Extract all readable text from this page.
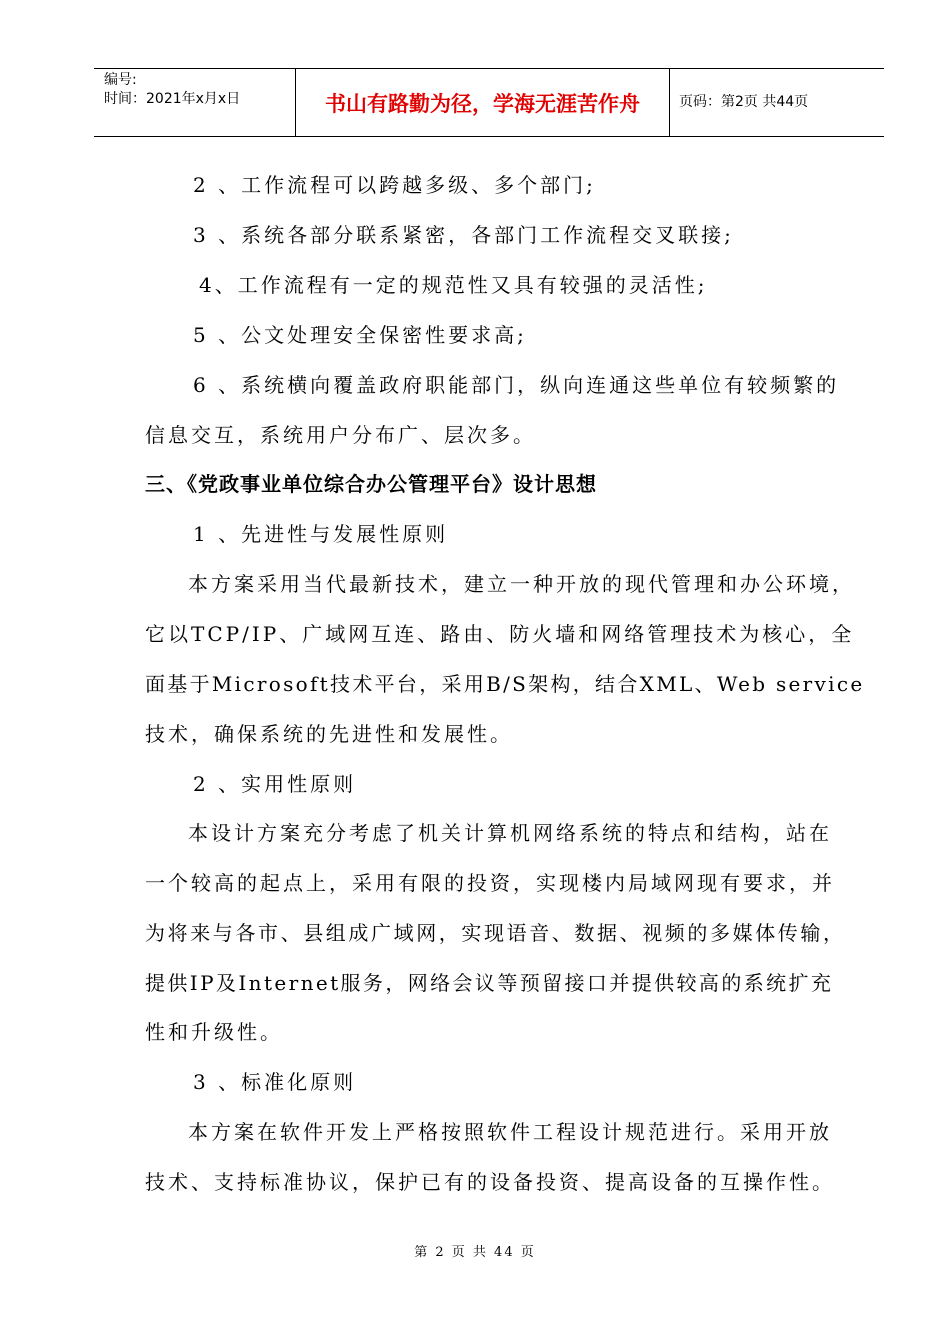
编号:
时间：2021年x月x日	书山有路勤为径，学海无涯苦作舟	页码：第2页 共44页
2 、工作流程可以跨越多级、多个部门;
3 、系统各部分联系紧密，各部门工作流程交叉联接;
4、工作流程有一定的规范性又具有较强的灵活性;
5 、公文处理安全保密性要求高;
6 、系统横向覆盖政府职能部门，纵向连通这些单位有较频繁的
信息交互，系统用户分布广、层次多。
三、《党政事业单位综合办公管理平台》设计思想
1 、先进性与发展性原则
本方案采用当代最新技术，建立一种开放的现代管理和办公环境，
它以TCP/IP、广域网互连、路由、防火墙和网络管理技术为核心，全
面基于Microsoft技术平台，采用B/S架构，结合XML、Web service
技术，确保系统的先进性和发展性。
2 、实用性原则
本设计方案充分考虑了机关计算机网络系统的特点和结构，站在
一个较高的起点上，采用有限的投资，实现楼内局域网现有要求，并
为将来与各市、县组成广域网，实现语音、数据、视频的多媒体传输，
提供IP及Internet服务，网络会议等预留接口并提供较高的系统扩充
性和升级性。
3 、标准化原则
本方案在软件开发上严格按照软件工程设计规范进行。采用开放
技术、支持标准协议，保护已有的设备投资、提高设备的互操作性。
第 2 页 共 44 页
